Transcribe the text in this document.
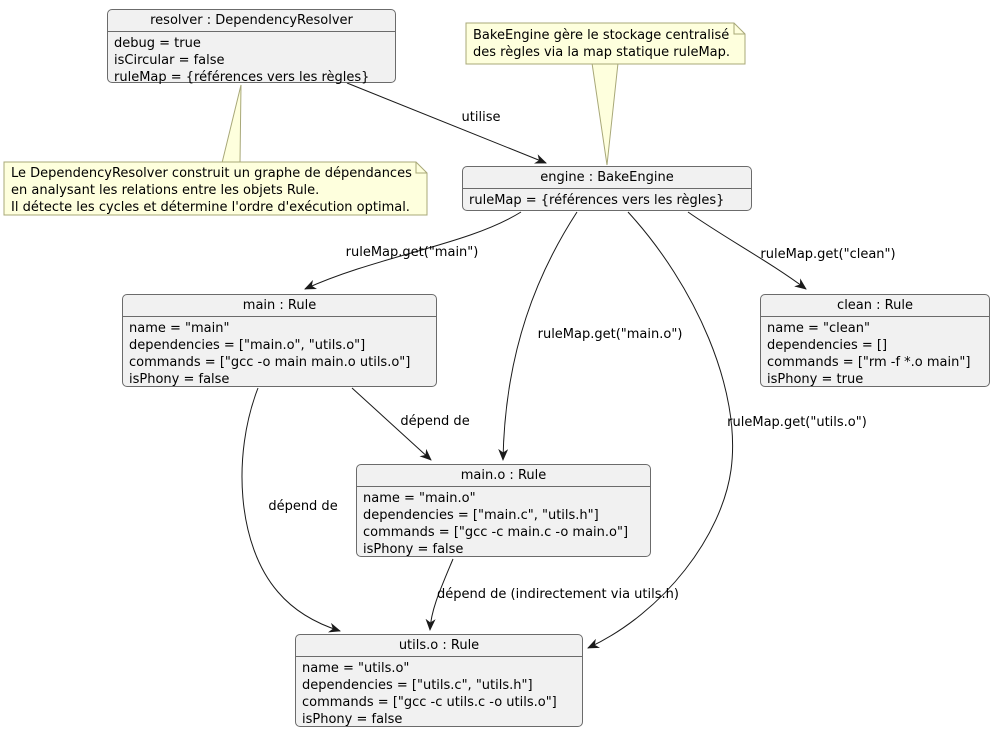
resolver : DependencyResolver
debug = true
isCircular = false
ruleMap = {références vers les règles}
engine : BakeEngine
ruleMap = {références vers les règles}
main : Rule
name = "main"
dependencies = ["main.o", "utils.o"]
commands = ["gcc -o main main.o utils.o"]
isPhony = false
clean : Rule
name = "clean"
dependencies = []
commands = ["rm -f *.o main"]
isPhony = true
main.o : Rule
name = "main.o"
dependencies = ["main.c", "utils.h"]
commands = ["gcc -c main.c -o main.o"]
isPhony = false
utils.o : Rule
name = "utils.o"
dependencies = ["utils.c", "utils.h"]
commands = ["gcc -c utils.c -o utils.o"]
isPhony = false
BakeEngine gère le stockage centralisé
des règles via la map statique ruleMap.
Le DependencyResolver construit un graphe de dépendances
en analysant les relations entre les objets Rule.
Il détecte les cycles et détermine l'ordre d'exécution optimal.
utilise
ruleMap.get("main")	ruleMap.get("clean")
ruleMap.get("main.o")
ruleMap.get("utils.o")
dépend de
dépend de
dépend de (indirectement via utils.h)
